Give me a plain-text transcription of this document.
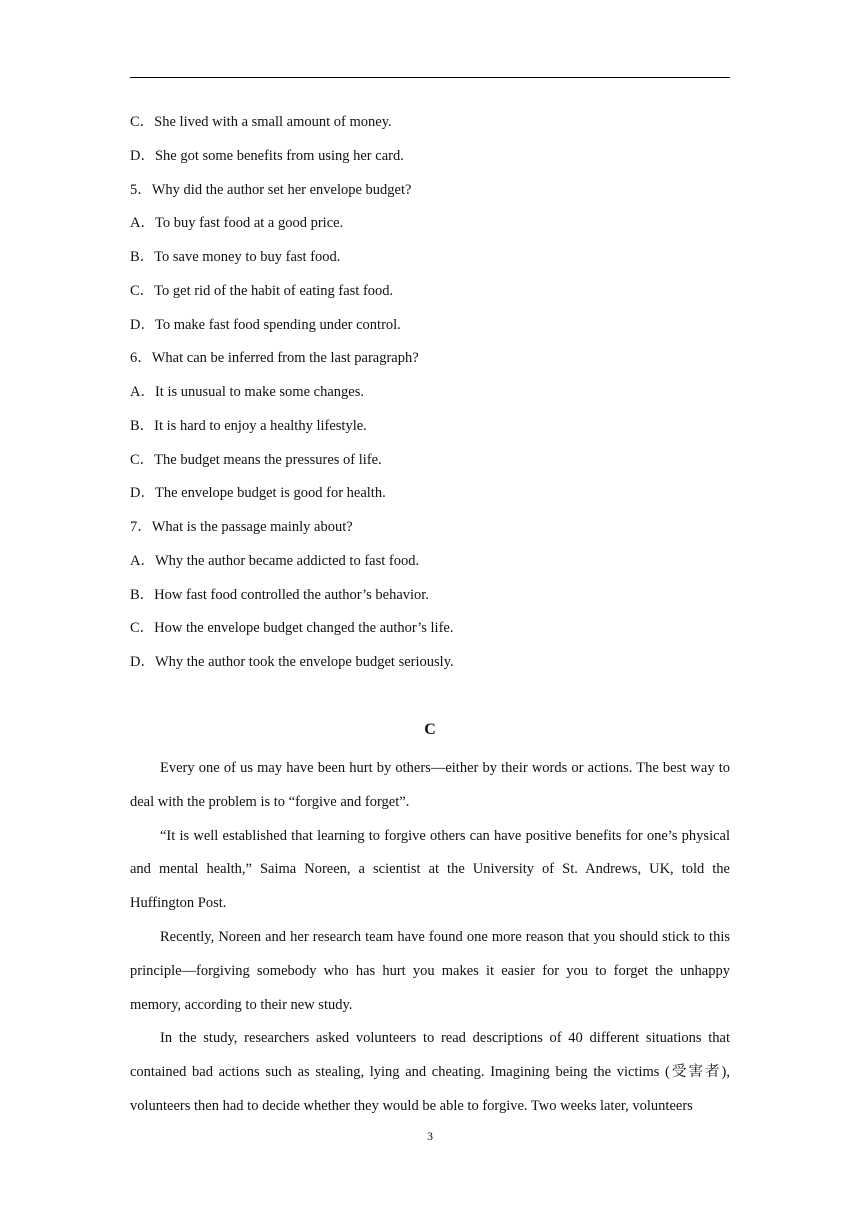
C．She lived with a small amount of money.
D．She got some benefits from using her card.
5．Why did the author set her envelope budget?
A．To buy fast food at a good price.
B．To save money to buy fast food.
C．To get rid of the habit of eating fast food.
D．To make fast food spending under control.
6．What can be inferred from the last paragraph?
A．It is unusual to make some changes.
B．It is hard to enjoy a healthy lifestyle.
C．The budget means the pressures of life.
D．The envelope budget is good for health.
7．What is the passage mainly about?
A．Why the author became addicted to fast food.
B．How fast food controlled the author’s behavior.
C．How the envelope budget changed the author’s life.
D．Why the author took the envelope budget seriously.
C

Every one of us may have been hurt by others—either by their words or actions. The best way to deal with the problem is to “forgive and forget”.

“It is well established that learning to forgive others can have positive benefits for one’s physical and mental health,” Saima Noreen, a scientist at the University of St. Andrews, UK, told the Huffington Post.

Recently, Noreen and her research team have found one more reason that you should stick to this principle—forgiving somebody who has hurt you makes it easier for you to forget the unhappy memory, according to their new study.

In the study, researchers asked volunteers to read descriptions of 40 different situations that contained bad actions such as stealing, lying and cheating. Imagining being the victims (受害者), volunteers then had to decide whether they would be able to forgive. Two weeks later, volunteers

3
